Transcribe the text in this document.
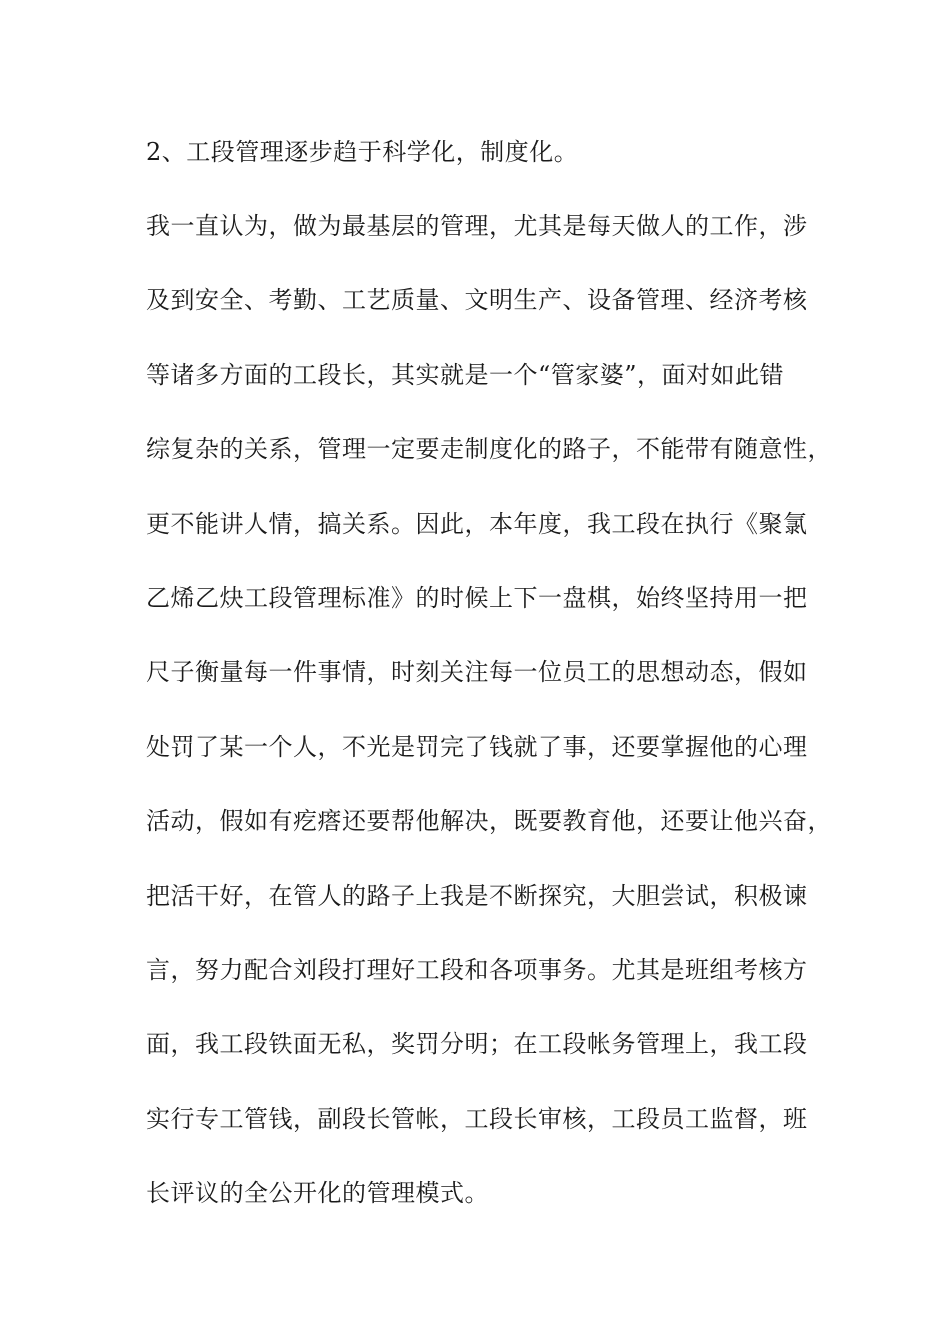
2、工段管理逐步趋于科学化，制度化。
我一直认为，做为最基层的管理，尤其是每天做人的工作，涉
及到安全、考勤、工艺质量、文明生产、设备管理、经济考核
等诸多方面的工段长，其实就是一个“管家婆”，面对如此错
综复杂的关系，管理一定要走制度化的路子，不能带有随意性，
更不能讲人情，搞关系。因此，本年度，我工段在执行《聚氯
乙烯乙炔工段管理标准》的时候上下一盘棋，始终坚持用一把
尺子衡量每一件事情，时刻关注每一位员工的思想动态，假如
处罚了某一个人，不光是罚完了钱就了事，还要掌握他的心理
活动，假如有疙瘩还要帮他解决，既要教育他，还要让他兴奋，
把活干好，在管人的路子上我是不断探究，大胆尝试，积极谏
言，努力配合刘段打理好工段和各项事务。尤其是班组考核方
面，我工段铁面无私，奖罚分明；在工段帐务管理上，我工段
实行专工管钱，副段长管帐，工段长审核，工段员工监督，班
长评议的全公开化的管理模式。
